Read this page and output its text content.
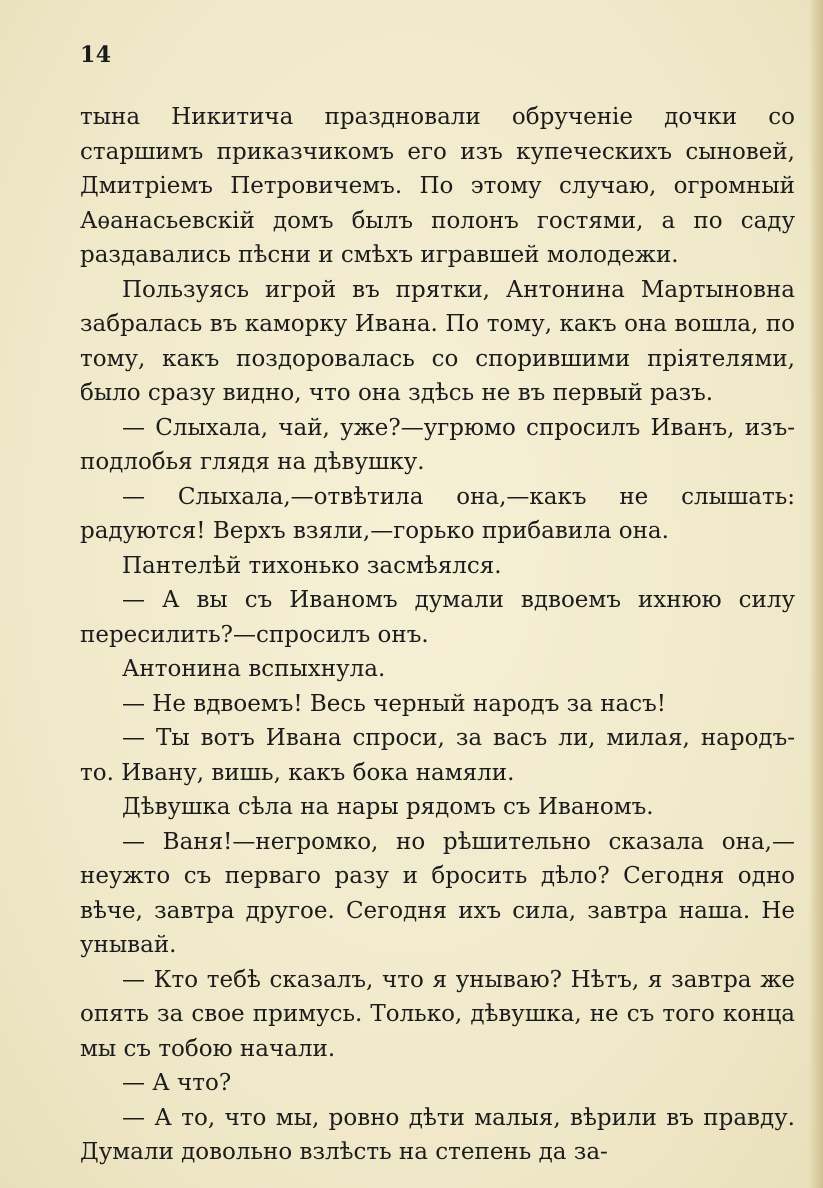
14

тына Никитича праздновали обрученіе дочки со старшимъ приказчикомъ его изъ купеческихъ сыновей, Дмитріемъ Петровичемъ. По этому случаю, огромный Аѳанасьевскій домъ былъ полонъ гостями, а по саду раздавались пѣсни и смѣхъ игравшей молодежи.

Пользуясь игрой въ прятки, Антонина Мартыновна забралась въ каморку Ивана. По тому, какъ она вошла, по тому, какъ поздоровалась со спорившими пріятелями, было сразу видно, что она здѣсь не въ первый разъ.

— Слыхала, чай, уже?—угрюмо спросилъ Иванъ, изъ-подлобья глядя на дѣвушку.

— Слыхала,—отвѣтила она,—какъ не слышать: радуются! Верхъ взяли,—горько прибавила она.

Пантелѣй тихонько засмѣялся.

— А вы съ Иваномъ думали вдвоемъ ихнюю силу пересилить?—спросилъ онъ.

Антонина вспыхнула.

— Не вдвоемъ! Весь черный народъ за насъ!

— Ты вотъ Ивана спроси, за васъ ли, милая, народъ-то. Ивану, вишь, какъ бока намяли.

Дѣвушка сѣла на нары рядомъ съ Иваномъ.

— Ваня!—негромко, но рѣшительно сказала она,—неужто съ перваго разу и бросить дѣло? Сегодня одно вѣче, завтра другое. Сегодня ихъ сила, завтра наша. Не унывай.

— Кто тебѣ сказалъ, что я унываю? Нѣтъ, я завтра же опять за свое примусь. Только, дѣвушка, не съ того конца мы съ тобою начали.

— А что?

— А то, что мы, ровно дѣти малыя, вѣрили въ правду. Думали довольно взлѣсть на степень да за-
